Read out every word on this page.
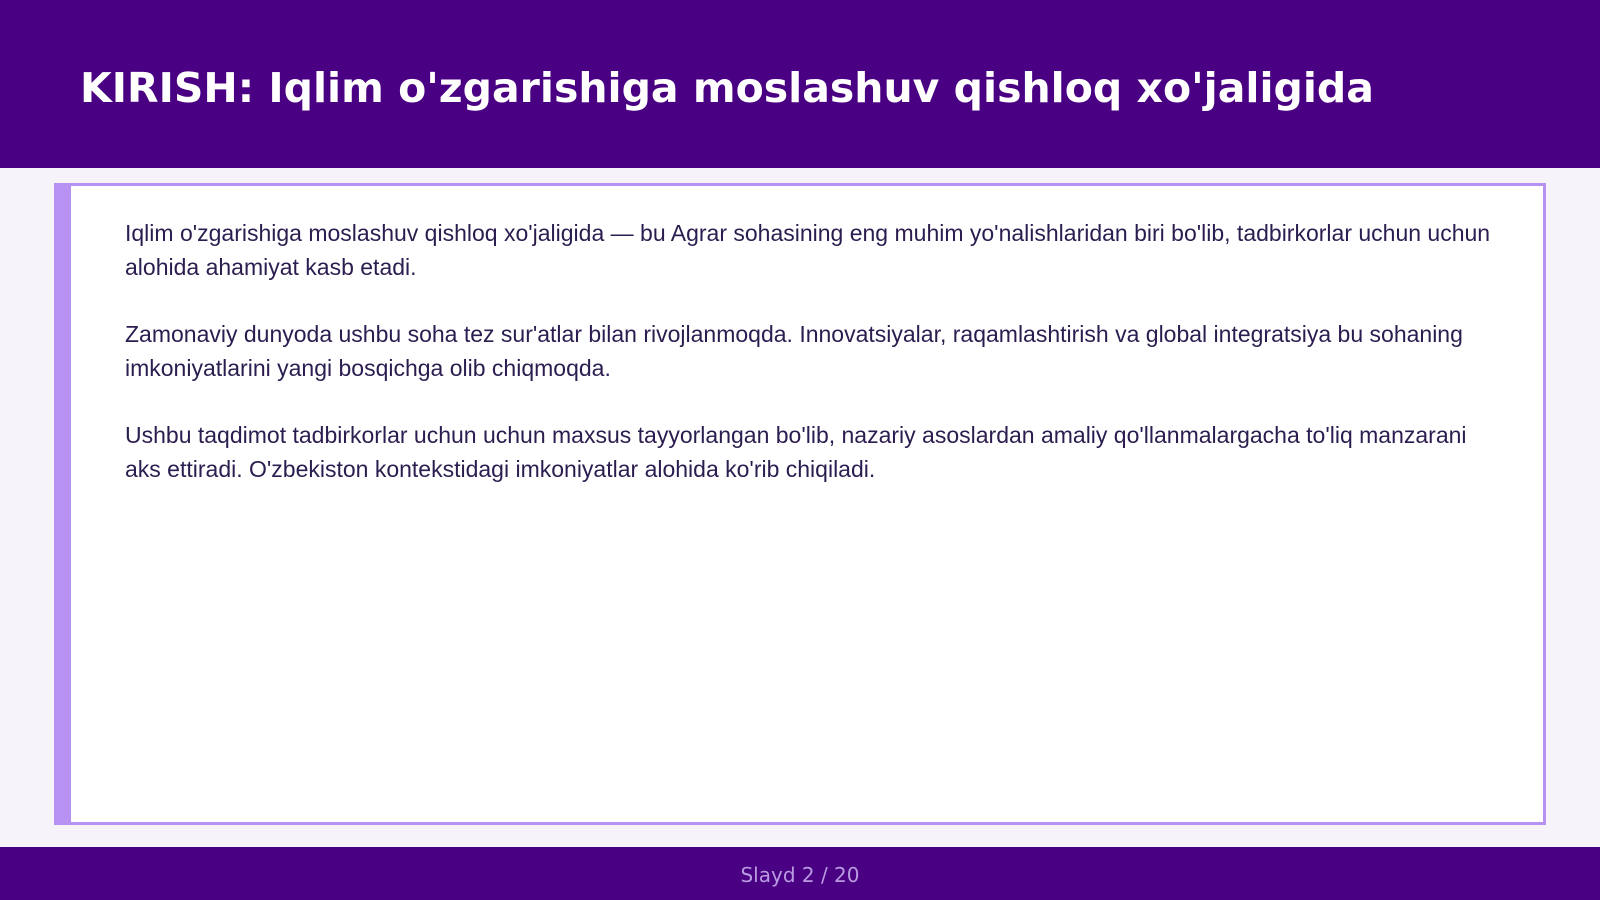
KIRISH: Iqlim o'zgarishiga moslashuv qishloq xo'jaligida

Iqlim o'zgarishiga moslashuv qishloq xo'jaligida — bu Agrar sohasining eng muhim yo'nalishlaridan biri bo'lib, tadbirkorlar uchun uchun alohida ahamiyat kasb etadi.

Zamonaviy dunyoda ushbu soha tez sur'atlar bilan rivojlanmoqda. Innovatsiyalar, raqamlashtirish va global integratsiya bu sohaning imkoniyatlarini yangi bosqichga olib chiqmoqda.

Ushbu taqdimot tadbirkorlar uchun uchun maxsus tayyorlangan bo'lib, nazariy asoslardan amaliy qo'llanmalargacha to'liq manzarani aks ettiradi. O'zbekiston kontekstidagi imkoniyatlar alohida ko'rib chiqiladi.

Slayd 2 / 20
